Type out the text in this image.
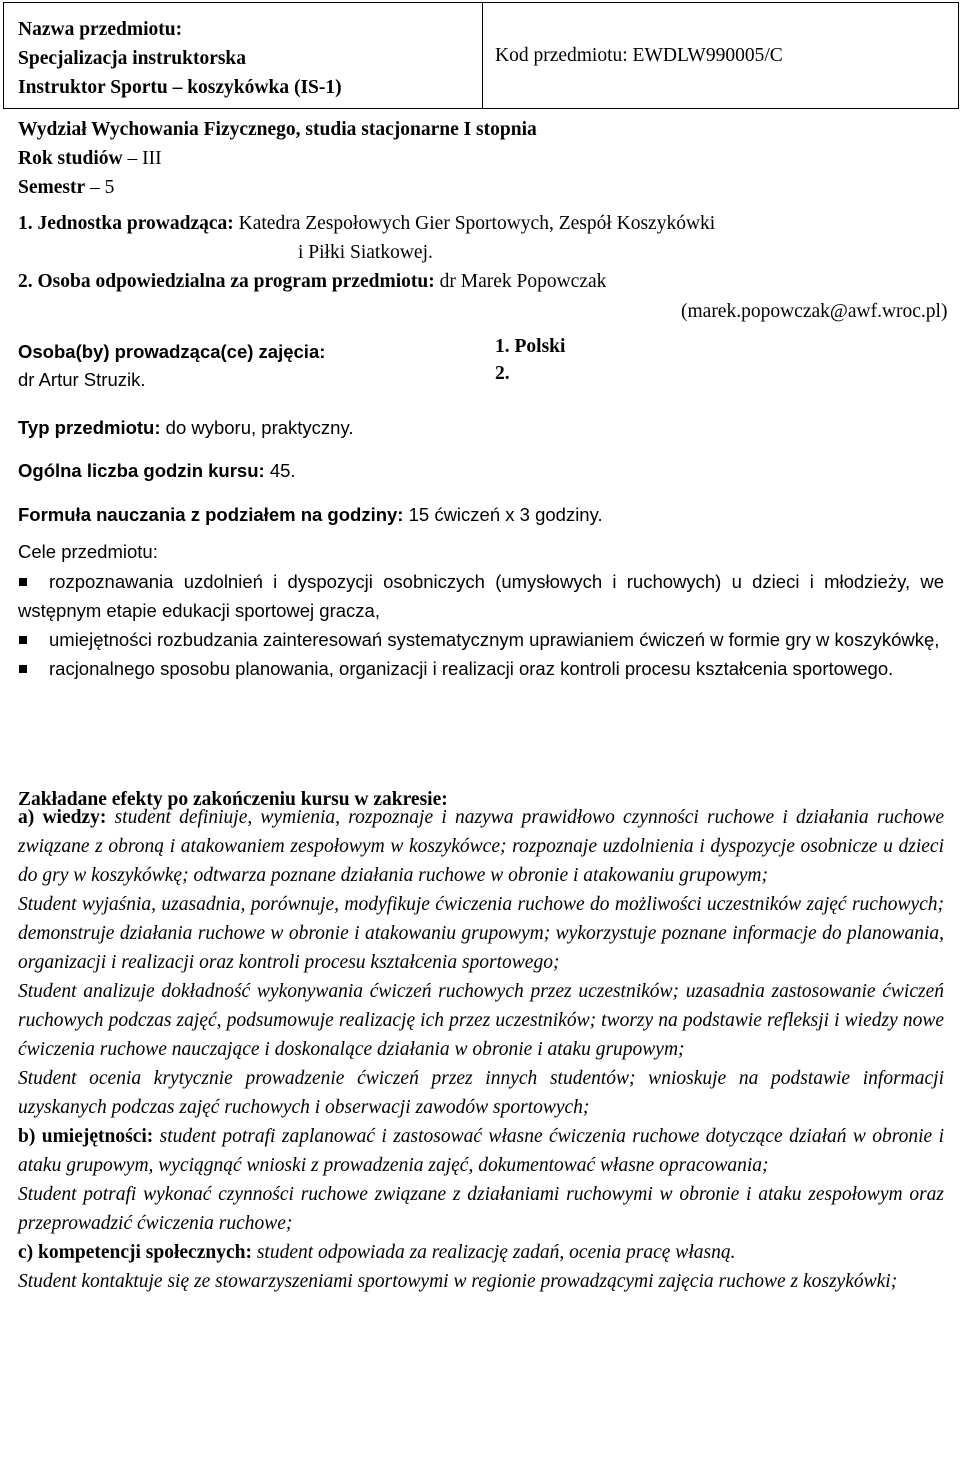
Nazwa przedmiotu:
Specjalizacja instruktorska
Instruktor Sportu – koszykówka (IS-1)
Kod przedmiotu: EWDLW990005/C
Wydział Wychowania Fizycznego, studia stacjonarne I stopnia
Rok studiów – III
Semestr – 5
1. Jednostka prowadząca: Katedra Zespołowych Gier Sportowych, Zespół Koszykówki
i Piłki Siatkowej.
2. Osoba odpowiedzialna za program przedmiotu: dr Marek Popowczak
(marek.popowczak@awf.wroc.pl)
Osoba(by) prowadząca(ce) zajęcia:
dr Artur Struzik.
1. Polski
2.
Typ przedmiotu: do wyboru, praktyczny.
Ogólna liczba godzin kursu: 45.
Formuła nauczania z podziałem na godziny: 15 ćwiczeń x 3 godziny.
Cele przedmiotu:
rozpoznawania uzdolnień i dyspozycji osobniczych (umysłowych i ruchowych) u dzieci i młodzieży, we wstępnym etapie edukacji sportowej gracza,
umiejętności rozbudzania zainteresowań systematycznym uprawianiem ćwiczeń w formie gry w koszykówkę,
racjonalnego sposobu planowania, organizacji i realizacji oraz kontroli procesu kształcenia sportowego.
Zakładane efekty po zakończeniu kursu w zakresie:
a) wiedzy: student definiuje, wymienia, rozpoznaje i nazywa prawidłowo czynności ruchowe i działania ruchowe związane z obroną i atakowaniem zespołowym w koszykówce; rozpoznaje uzdolnienia i dyspozycje osobnicze u dzieci do gry w koszykówkę; odtwarza poznane działania ruchowe w obronie i atakowaniu grupowym;
Student wyjaśnia, uzasadnia, porównuje, modyfikuje ćwiczenia ruchowe do możliwości uczestników zajęć ruchowych; demonstruje działania ruchowe w obronie i atakowaniu grupowym; wykorzystuje poznane informacje do planowania, organizacji i realizacji oraz kontroli procesu kształcenia sportowego;
Student analizuje dokładność wykonywania ćwiczeń ruchowych przez uczestników; uzasadnia zastosowanie ćwiczeń ruchowych podczas zajęć, podsumowuje realizację ich przez uczestników; tworzy na podstawie refleksji i wiedzy nowe ćwiczenia ruchowe nauczające i doskonalące działania w obronie i ataku grupowym;
Student ocenia krytycznie prowadzenie ćwiczeń przez innych studentów; wnioskuje na podstawie informacji uzyskanych podczas zajęć ruchowych i obserwacji zawodów sportowych;
b) umiejętności: student potrafi zaplanować i zastosować własne ćwiczenia ruchowe dotyczące działań w obronie i ataku grupowym, wyciągnąć wnioski z prowadzenia zajęć, dokumentować własne opracowania;
Student potrafi wykonać czynności ruchowe związane z działaniami ruchowymi w obronie i ataku zespołowym oraz przeprowadzić ćwiczenia ruchowe;
c) kompetencji społecznych: student odpowiada za realizację zadań, ocenia pracę własną.
Student kontaktuje się ze stowarzyszeniami sportowymi w regionie prowadzącymi zajęcia ruchowe z koszykówki;
